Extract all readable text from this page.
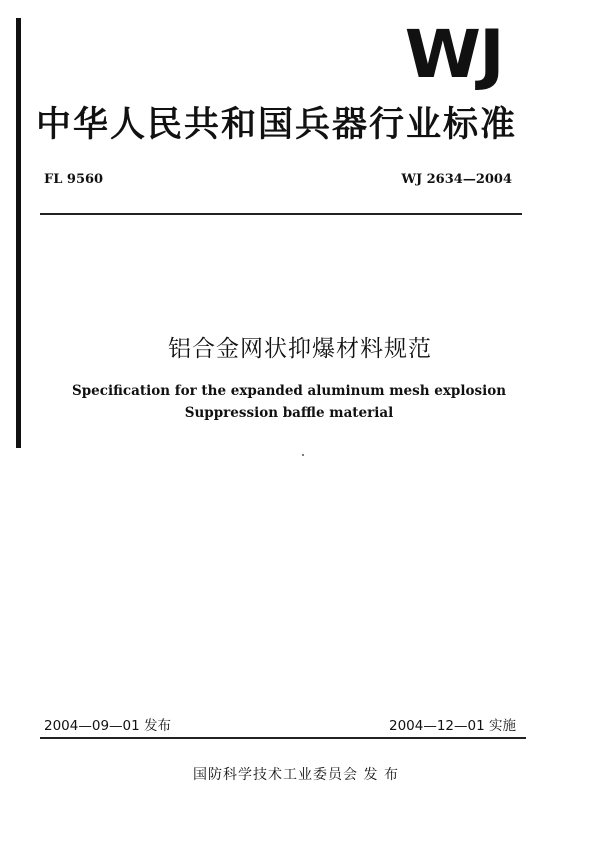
WJ
中华人民共和国兵器行业标准
FL 9560	WJ 2634—2004
铝合金网状抑爆材料规范
Specification for the expanded aluminum mesh explosion
Suppression baffle material
2004—09—01 发布	2004—12—01 实施
国防科学技术工业委员会 发 布
